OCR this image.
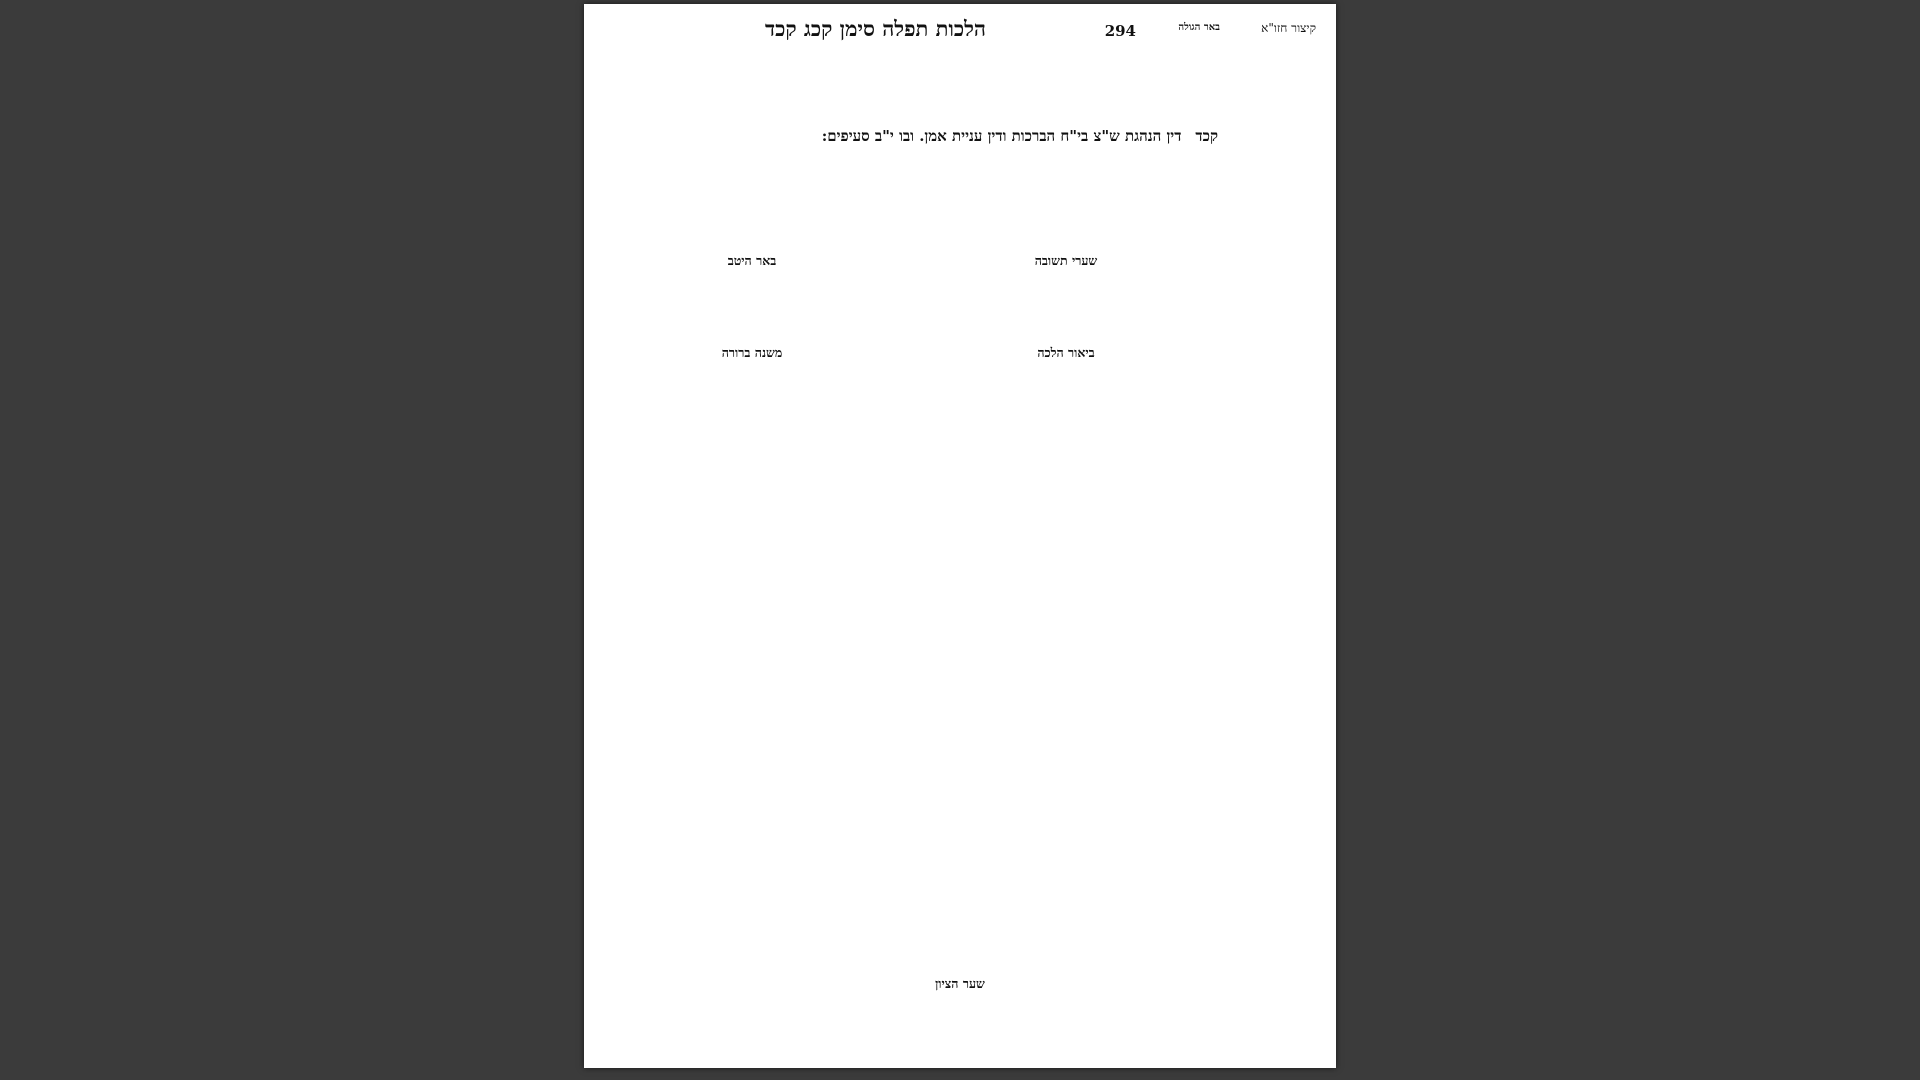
הלכות תפלה סימן קכג קכד	294	באר הגולה	קיצור חזו"א
קכדדין הנהגת ש"צ בי"ח הברכות ודין עניית אמן. ובו י"ב סעיפים:
שערי תשובה
באר היטב
ביאור הלכה
משנה ברורה
שער הציון
